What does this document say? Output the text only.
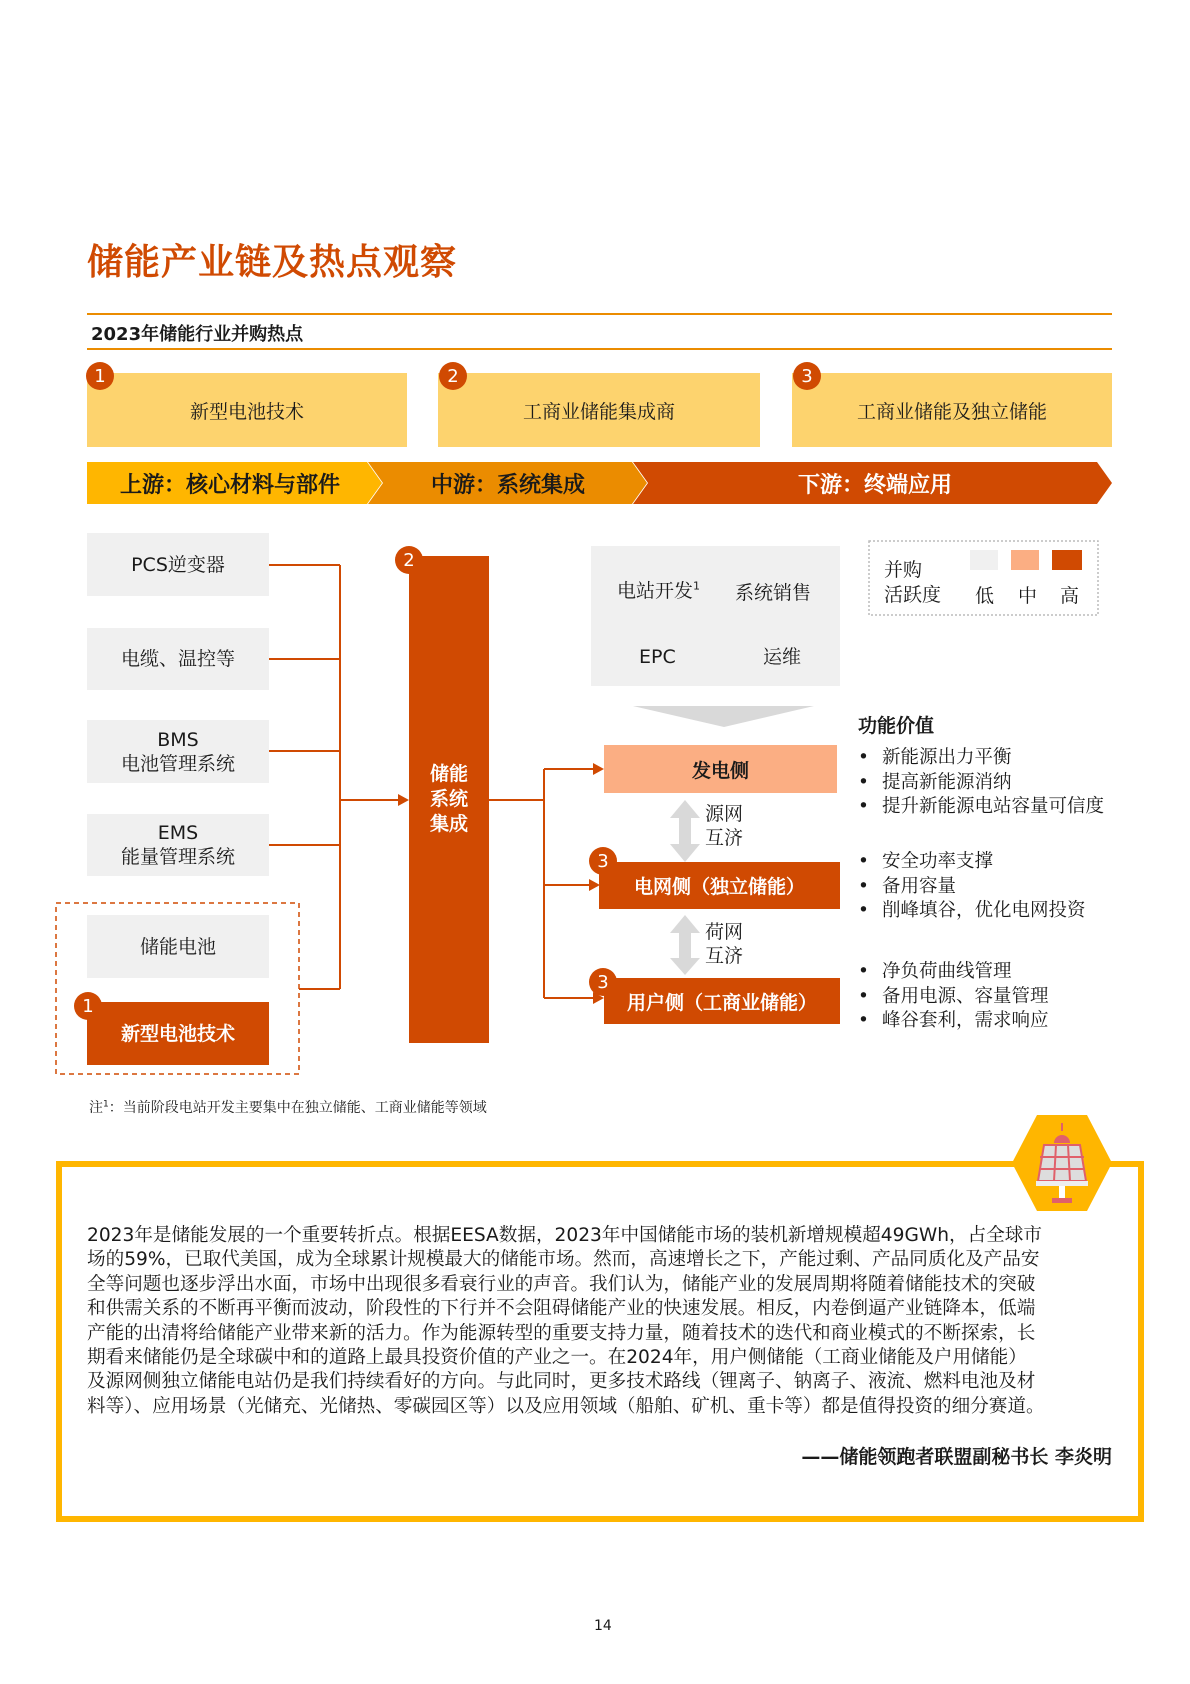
储能产业链及热点观察
2023年储能行业并购热点
新型电池技术	工商业储能集成商	工商业储能及独立储能
1	2	3
上游：核心材料与部件	中游：系统集成	下游：终端应用
PCS逆变器
电缆、温控等
BMS
电池管理系统
EMS
能量管理系统
储能电池
新型电池技术
1
储能
系统
集成
2
电站开发$^1$ 系统销售
EPC	运维
并购
活跃度 低 中 高
功能价值
发电侧
电网侧（独立储能）
用户侧（工商业储能）
3
3
源网
互济
荷网
互济
• 新能源出力平衡
• 提高新能源消纳
• 提升新能源电站容量可信度
• 安全功率支撑
• 备用容量
• 削峰填谷，优化电网投资
• 净负荷曲线管理
• 备用电源、容量管理
• 峰谷套利，需求响应
注$^1$：当前阶段电站开发主要集中在独立储能、工商业储能等领域
2023年是储能发展的一个重要转折点。根据EESA数据，2023年中国储能市场的装机新增规模超49GWh，占全球市
场的59%，已取代美国，成为全球累计规模最大的储能市场。然而，高速增长之下，产能过剩、产品同质化及产品安
全等问题也逐步浮出水面，市场中出现很多看衰行业的声音。我们认为，储能产业的发展周期将随着储能技术的突破
和供需关系的不断再平衡而波动，阶段性的下行并不会阻碍储能产业的快速发展。相反，内卷倒逼产业链降本，低端
产能的出清将给储能产业带来新的活力。作为能源转型的重要支持力量，随着技术的迭代和商业模式的不断探索，长
期看来储能仍是全球碳中和的道路上最具投资价值的产业之一。在2024年，用户侧储能（工商业储能及户用储能）
及源网侧独立储能电站仍是我们持续看好的方向。与此同时，更多技术路线（锂离子、钠离子、液流、燃料电池及材
料等）、应用场景（光储充、光储热、零碳园区等）以及应用领域（船舶、矿机、重卡等）都是值得投资的细分赛道。
——储能领跑者联盟副秘书长 李炎明
14
